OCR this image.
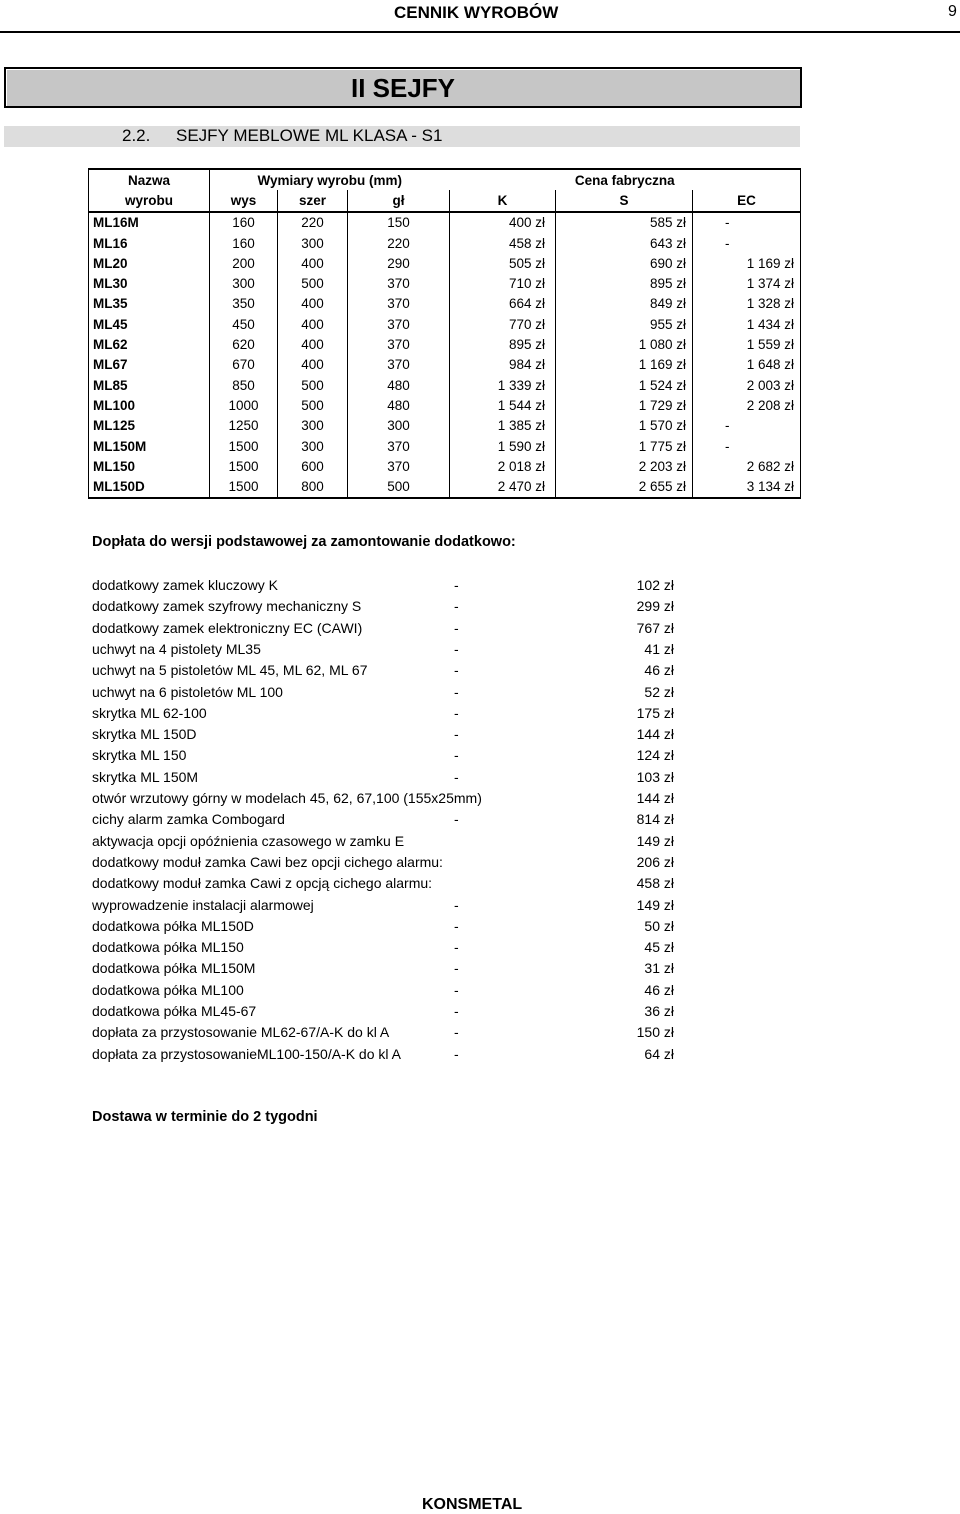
CENNIK WYROBÓW	9
II SEJFY
2.2. SEJFY MEBLOWE ML KLASA - S1
Nazwa	Wymiary wyrobu (mm)			Cena fabryczna		
wyrobu	wys	szer	gł	K	S	EC
ML16M	160	220	150	400 zł	585 zł	-
ML16	160	300	220	458 zł	643 zł	-
ML20	200	400	290	505 zł	690 zł	1 169 zł
ML30	300	500	370	710 zł	895 zł	1 374 zł
ML35	350	400	370	664 zł	849 zł	1 328 zł
ML45	450	400	370	770 zł	955 zł	1 434 zł
ML62	620	400	370	895 zł	1 080 zł	1 559 zł
ML67	670	400	370	984 zł	1 169 zł	1 648 zł
ML85	850	500	480	1 339 zł	1 524 zł	2 003 zł
ML100	1000	500	480	1 544 zł	1 729 zł	2 208 zł
ML125	1250	300	300	1 385 zł	1 570 zł	-
ML150M	1500	300	370	1 590 zł	1 775 zł	-
ML150	1500	600	370	2 018 zł	2 203 zł	2 682 zł
ML150D	1500	800	500	2 470 zł	2 655 zł	3 134 zł
Dopłata do wersji podstawowej za zamontowanie dodatkowo:
dodatkowy zamek kluczowy K	-	102 zł
dodatkowy zamek szyfrowy mechaniczny S	-	299 zł
dodatkowy zamek elektroniczny EC (CAWI)	-	767 zł
uchwyt na 4 pistolety ML35	-	41 zł
uchwyt na 5 pistoletów ML 45, ML 62, ML 67	-	46 zł
uchwyt na 6 pistoletów ML 100	-	52 zł
skrytka ML 62-100	-	175 zł
skrytka ML 150D	-	144 zł
skrytka ML 150	-	124 zł
skrytka ML 150M	-	103 zł
otwór wrzutowy górny w modelach 45, 62, 67,100 (155x25mm)	144 zł
cichy alarm zamka Combogard	-	814 zł
aktywacja opcji opóźnienia czasowego w zamku E	149 zł
dodatkowy moduł zamka Cawi bez opcji cichego alarmu:	206 zł
dodatkowy moduł zamka Cawi z opcją cichego alarmu:	458 zł
wyprowadzenie instalacji alarmowej	-	149 zł
dodatkowa półka ML150D	-	50 zł
dodatkowa półka ML150	-	45 zł
dodatkowa półka ML150M	-	31 zł
dodatkowa półka ML100	-	46 zł
dodatkowa półka ML45-67	-	36 zł
dopłata za przystosowanie ML62-67/A-K do kl A	-	150 zł
dopłata za przystosowanieML100-150/A-K do kl A	-	64 zł
Dostawa w terminie do 2 tygodni
KONSMETAL
